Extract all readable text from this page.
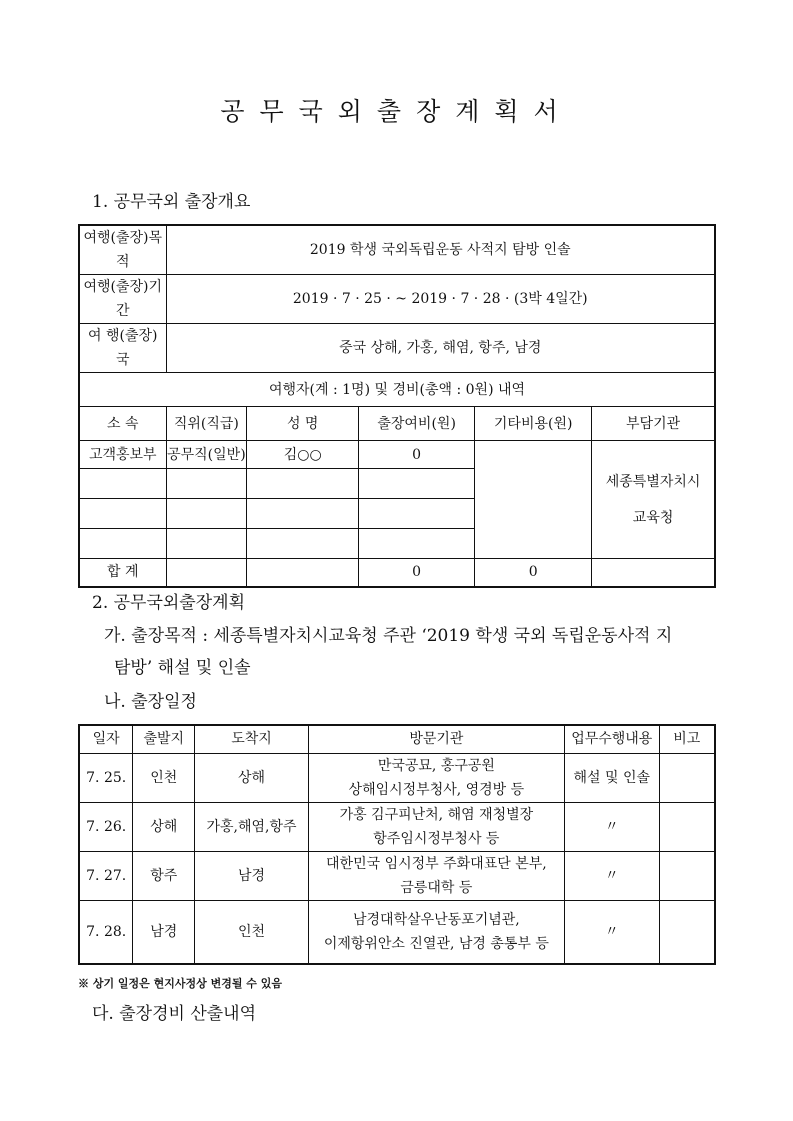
공무국외출장계획서
1. 공무국외 출장개요
여행(출장)목적	2019 학생 국외독립운동 사적지 탐방 인솔				
여행(출장)기간	2019 · 7 · 25 · ~ 2019 · 7 · 28 · (3박 4일간)				
여 행(출장) 국	중국 상해, 가홍, 해염, 항주, 남경				
여행자(계 : 1명) 및 경비(총액 : 0원) 내역					
소 속	직위(직급)	성 명	출장여비(원)	기타비용(원)	부담기관
고객홍보부	공무직(일반)	김○○	0		세종특별자치시
교육청

합 계			0	0	
2. 공무국외출장계획
가. 출장목적 : 세종특별자치시교육청 주관 ‘2019 학생 국외 독립운동사적 지
탐방’ 해설 및 인솔
나. 출장일정
일자	출발지	도착지	방문기관	업무수행내용	비고
7. 25.	인천	상해	만국공묘, 홍구공원
상해임시정부청사, 영경방 등	해설 및 인솔	
7. 26.	상해	가홍,해염,항주	가홍 김구피난처, 해염 재청별장
항주임시정부청사 등	〃	
7. 27.	항주	남경	대한민국 임시정부 주화대표단 본부,
금릉대학 등	〃	
7. 28.	남경	인천	남경대학살우난동포기념관,
이제항위안소 진열관, 남경 총통부 등	〃	
※ 상기 일정은 현지사정상 변경될 수 있음
다. 출장경비 산출내역
